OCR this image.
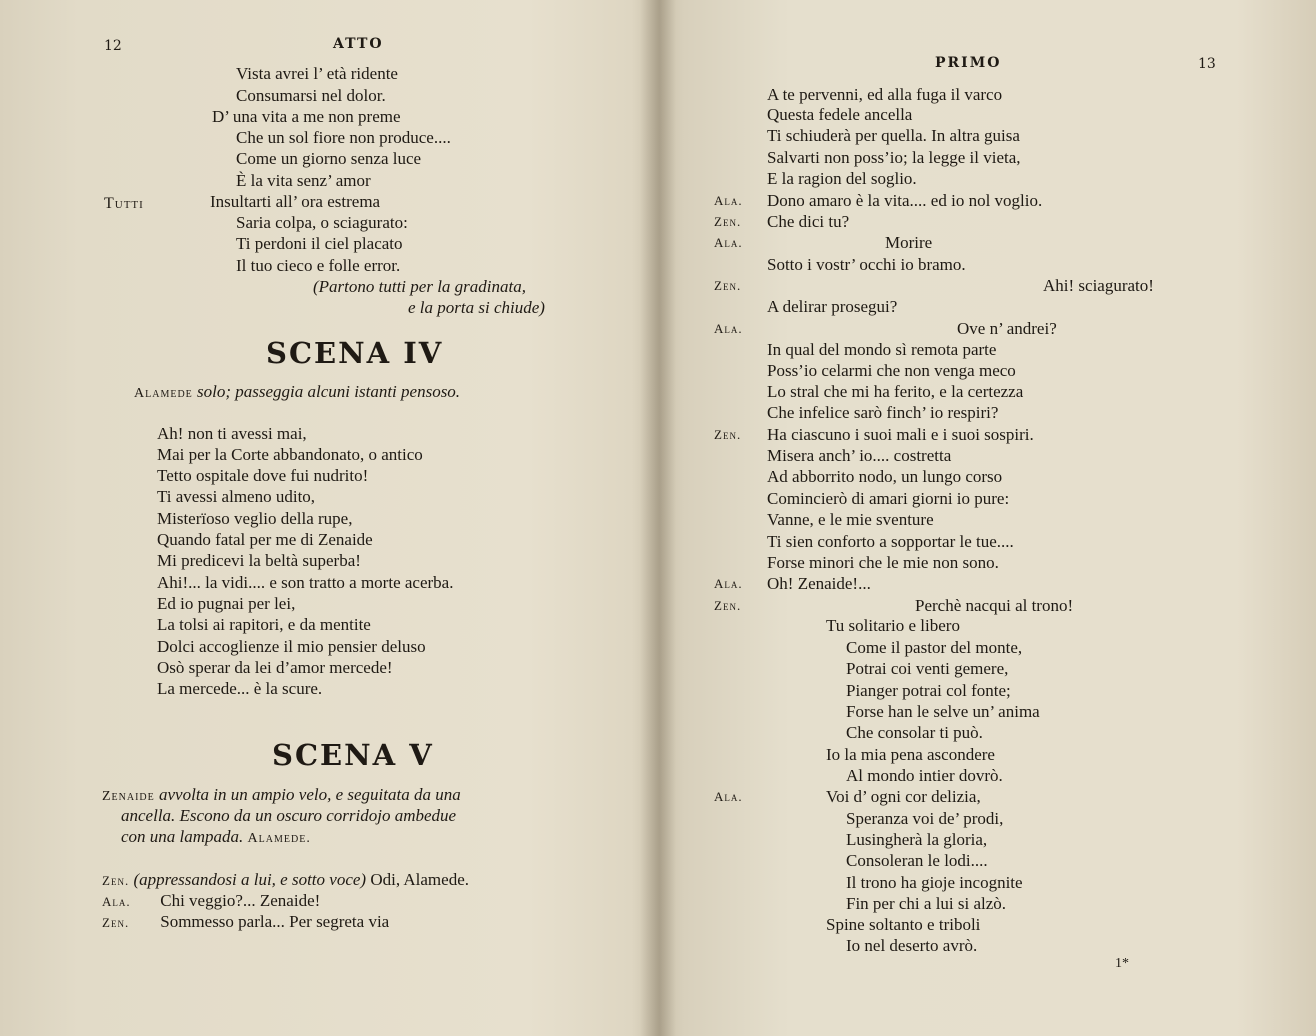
12	ATTO
Vista avrei l’ età ridente
Consumarsi nel dolor.
D’ una vita a me non preme
Che un sol fiore non produce....
Come un giorno senza luce
È la vita senz’ amor
Tutti	Insultarti all’ ora estrema
Saria colpa, o sciagurato:
Ti perdoni il ciel placato
Il tuo cieco e folle error.
(Partono tutti per la gradinata,
e la porta si chiude)
SCENA IV
Alamede solo; passeggia alcuni istanti pensoso.
Ah! non ti avessi mai,
Mai per la Corte abbandonato, o antico
Tetto ospitale dove fui nudrito!
Ti avessi almeno udito,
Misterïoso veglio della rupe,
Quando fatal per me di Zenaide
Mi predicevi la beltà superba!
Ahi!... la vidi.... e son tratto a morte acerba.
Ed io pugnai per lei,
La tolsi ai rapitori, e da mentite
Dolci accoglienze il mio pensier deluso
Osò sperar da lei d’amor mercede!
La mercede... è la scure.
SCENA V
Zenaide avvolta in un ampio velo, e seguitata da una
ancella. Escono da un oscuro corridojo ambedue
con una lampada. Alamede.
Zen. (appressandosi a lui, e sotto voce) Odi, Alamede.
Ala. Chi veggio?... Zenaide!
Zen. Sommesso parla... Per segreta via
PRIMO	13
A te pervenni, ed alla fuga il varco
Questa fedele ancella
Ti schiuderà per quella. In altra guisa
Salvarti non poss’io; la legge il vieta,
E la ragion del soglio.
Ala. Dono amaro è la vita.... ed io nol voglio.
Zen. Che dici tu?
Ala.	Morire
Sotto i vostr’ occhi io bramo.
Zen.	Ahi! sciagurato!
A delirar prosegui?
Ala.	Ove n’ andrei?
In qual del mondo sì remota parte
Poss’io celarmi che non venga meco
Lo stral che mi ha ferito, e la certezza
Che infelice sarò finch’ io respiri?
Zen. Ha ciascuno i suoi mali e i suoi sospiri.
Misera anch’ io.... costretta
Ad abborrito nodo, un lungo corso
Comincierò di amari giorni io pure:
Vanne, e le mie sventure
Ti sien conforto a sopportar le tue....
Forse minori che le mie non sono.
Ala. Oh! Zenaide!...
Zen.	Perchè nacqui al trono!
Tu solitario e libero
Come il pastor del monte,
Potrai coi venti gemere,
Pianger potrai col fonte;
Forse han le selve un’ anima
Che consolar ti può.
Io la mia pena ascondere
Al mondo intier dovrò.
Ala.	Voi d’ ogni cor delizia,
Speranza voi de’ prodi,
Lusingherà la gloria,
Consoleran le lodi....
Il trono ha gioje incognite
Fin per chi a lui si alzò.
Spine soltanto e triboli
Io nel deserto avrò.
1*
